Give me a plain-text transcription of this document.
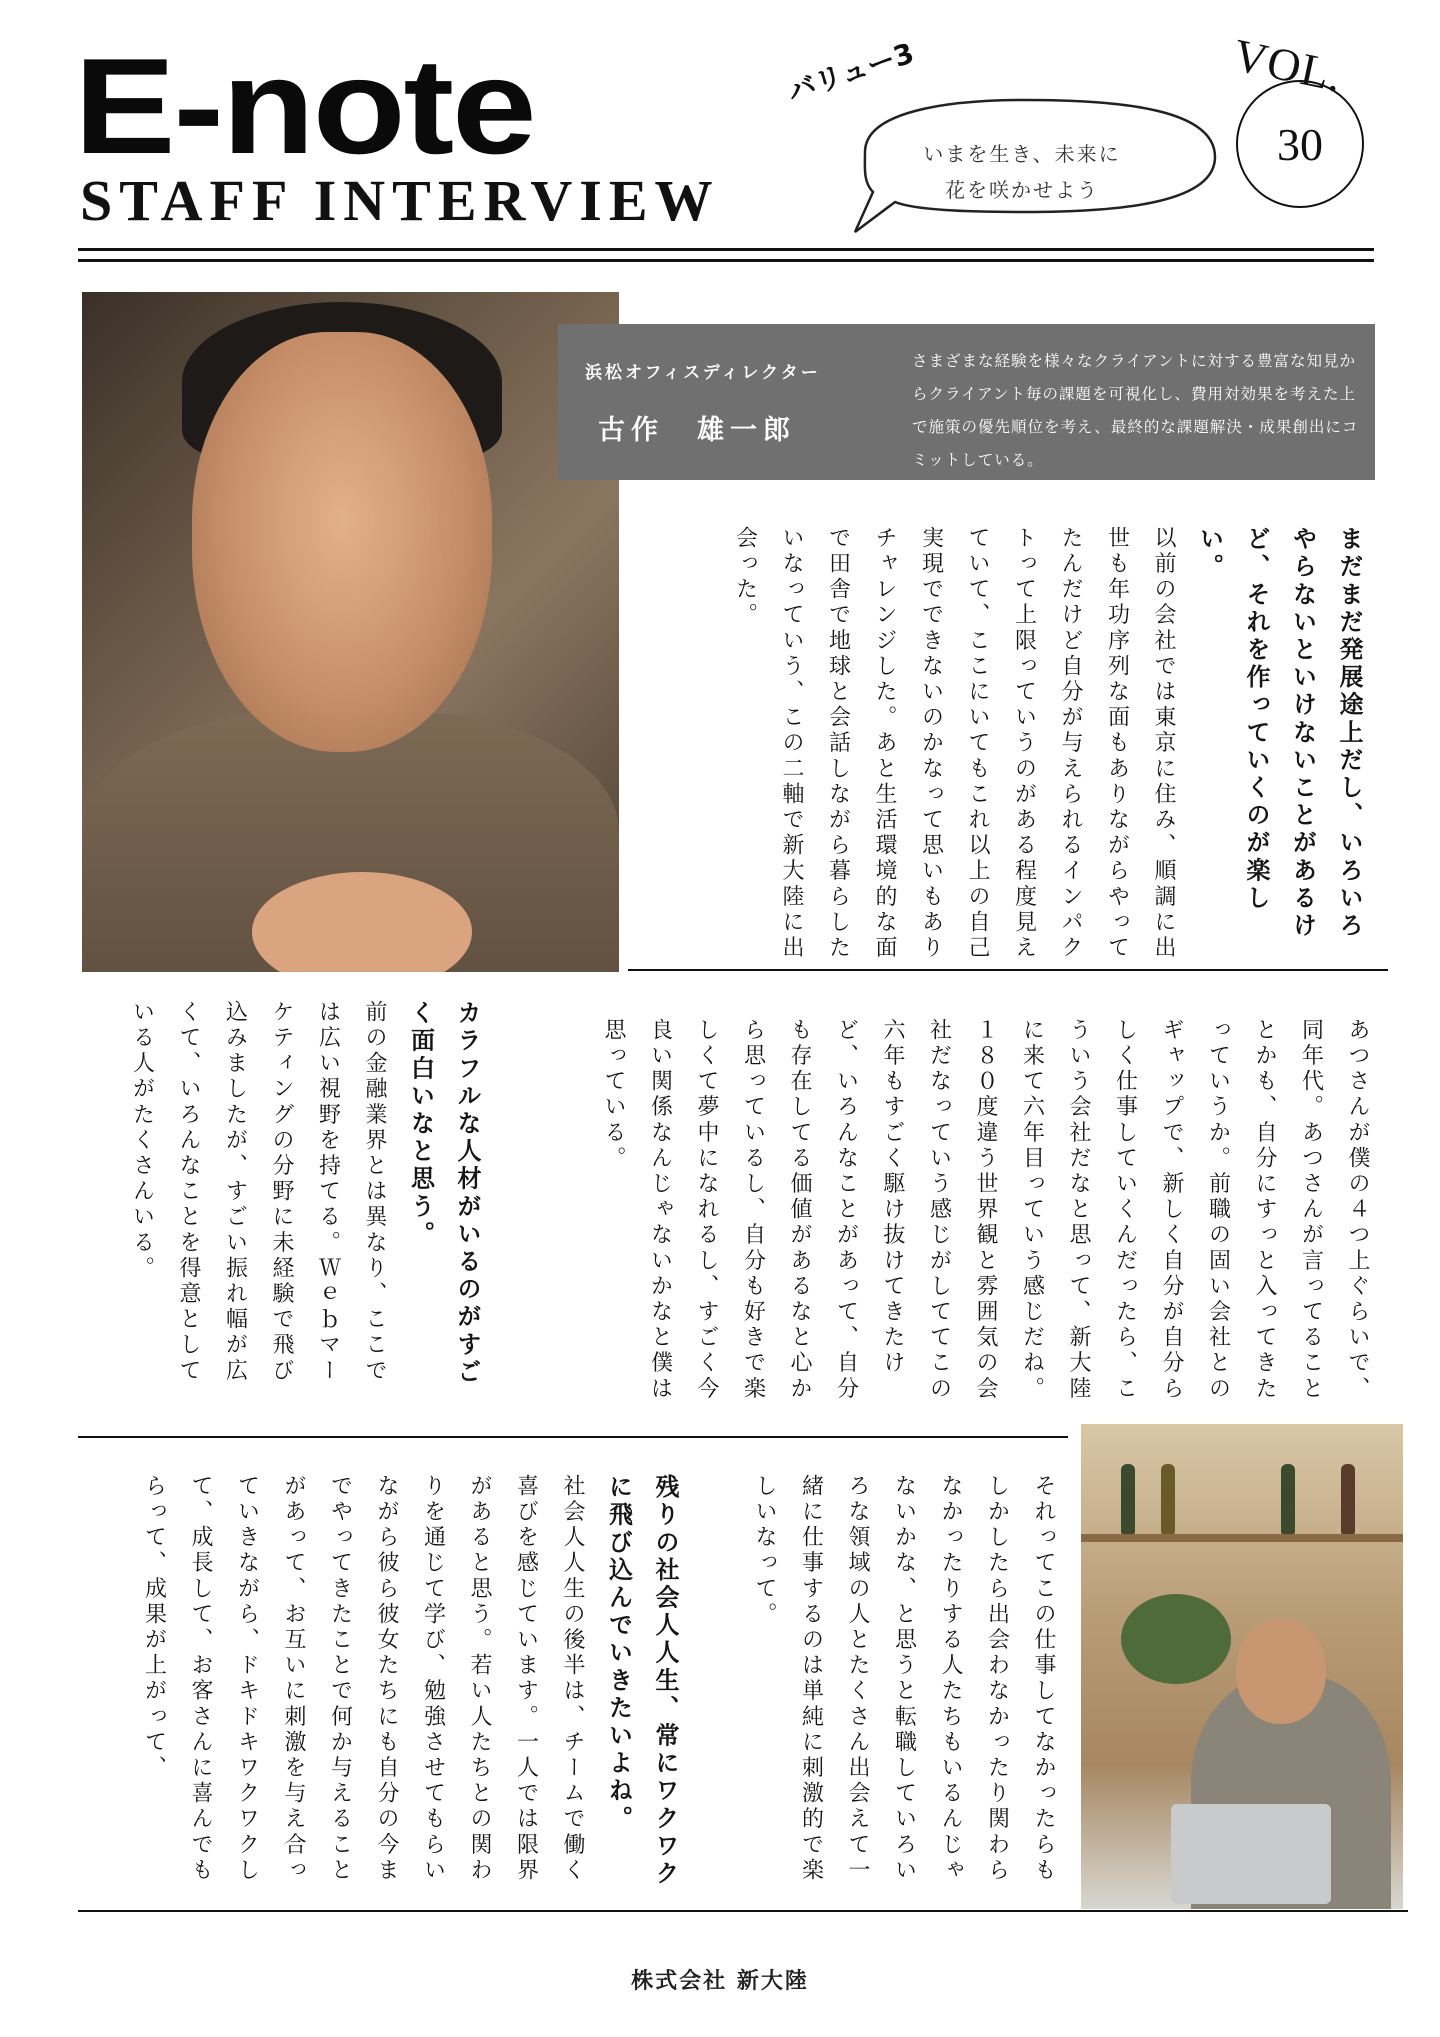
E-note
STAFF INTERVIEW
バリュー3
いまを生き、未来に
花を咲かせよう
VOL.
30
浜松オフィスディレクター
古作　雄一郎
さまざまな経験を様々なクライアントに対する豊富な知見からクライアント毎の課題を可視化し、費用対効果を考えた上で施策の優先順位を考え、最終的な課題解決・成果創出にコミットしている。
まだまだ発展途上だし、いろいろやらないといけないことがあるけど、それを作っていくのが楽しい。
以前の会社では東京に住み、順調に出世も年功序列な面もありながらやってたんだけど自分が与えられるインパクトって上限っていうのがある程度見えていて、ここにいてもこれ以上の自己実現でできないのかなって思いもありチャレンジした。あと生活環境的な面で田舎で地球と会話しながら暮らしたいなっていう、この二軸で新大陸に出会った。
あつさんが僕の４つ上ぐらいで、同年代。あつさんが言ってることとかも、自分にすっと入ってきたっていうか。前職の固い会社とのギャップで、新しく自分が自分らしく仕事していくんだったら、こういう会社だなと思って、新大陸に来て六年目っていう感じだね。１８０度違う世界観と雰囲気の会社だなっていう感じがしててこの六年もすごく駆け抜けてきたけど、いろんなことがあって、自分も存在してる価値があるなと心から思っているし、自分も好きで楽しくて夢中になれるし、すごく今良い関係なんじゃないかなと僕は思っている。
カラフルな人材がいるのがすごく面白いなと思う。
前の金融業界とは異なり、ここでは広い視野を持てる。Ｗｅｂマーケティングの分野に未経験で飛び込みましたが、すごい振れ幅が広くて、いろんなことを得意としている人がたくさんいる。
それってこの仕事してなかったらもしかしたら出会わなかったり関わらなかったりする人たちもいるんじゃないかな、と思うと転職していろいろな領域の人とたくさん出会えて一緒に仕事するのは単純に刺激的で楽しいなって。
残りの社会人人生、常にワクワクに飛び込んでいきたいよね。
社会人人生の後半は、チームで働く喜びを感じています。一人では限界があると思う。若い人たちとの関わりを通じて学び、勉強させてもらいながら彼ら彼女たちにも自分の今までやってきたことで何か与えることがあって、お互いに刺激を与え合っていきながら、ドキドキワクワクして、成長して、お客さんに喜んでもらって、成果が上がって、
株式会社 新大陸
